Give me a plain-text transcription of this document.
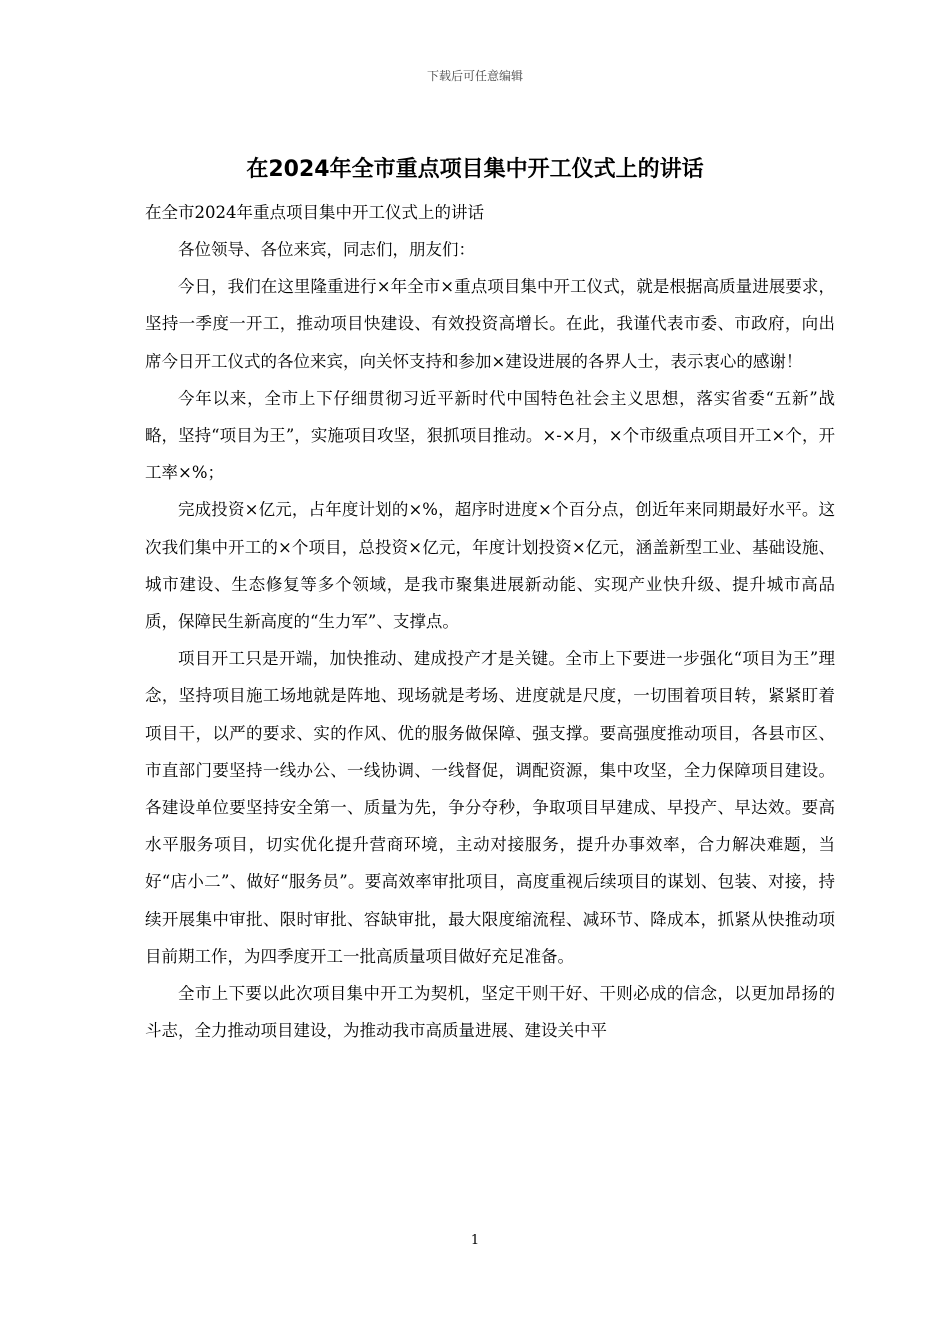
下载后可任意编辑
在2024年全市重点项目集中开工仪式上的讲话

在全市2024年重点项目集中开工仪式上的讲话

各位领导、各位来宾，同志们，朋友们：

今日，我们在这里隆重进行×年全市×重点项目集中开工仪式，就是根据高质量进展要求，坚持一季度一开工，推动项目快建设、有效投资高增长。在此，我谨代表市委、市政府，向出席今日开工仪式的各位来宾，向关怀支持和参加×建设进展的各界人士，表示衷心的感谢！

今年以来，全市上下仔细贯彻习近平新时代中国特色社会主义思想，落实省委“五新”战略，坚持“项目为王”，实施项目攻坚，狠抓项目推动。×-×月，×个市级重点项目开工×个，开工率×%；

完成投资×亿元，占年度计划的×%，超序时进度×个百分点，创近年来同期最好水平。这次我们集中开工的×个项目，总投资×亿元，年度计划投资×亿元，涵盖新型工业、基础设施、城市建设、生态修复等多个领域，是我市聚集进展新动能、实现产业快升级、提升城市高品质，保障民生新高度的“生力军”、支撑点。

项目开工只是开端，加快推动、建成投产才是关键。全市上下要进一步强化“项目为王”理念，坚持项目施工场地就是阵地、现场就是考场、进度就是尺度，一切围着项目转，紧紧盯着项目干，以严的要求、实的作风、优的服务做保障、强支撑。要高强度推动项目，各县市区、市直部门要坚持一线办公、一线协调、一线督促，调配资源，集中攻坚，全力保障项目建设。各建设单位要坚持安全第一、质量为先，争分夺秒，争取项目早建成、早投产、早达效。要高水平服务项目，切实优化提升营商环境，主动对接服务，提升办事效率，合力解决难题，当好“店小二”、做好“服务员”。要高效率审批项目，高度重视后续项目的谋划、包装、对接，持续开展集中审批、限时审批、容缺审批，最大限度缩流程、减环节、降成本，抓紧从快推动项目前期工作，为四季度开工一批高质量项目做好充足准备。

全市上下要以此次项目集中开工为契机，坚定干则干好、干则必成的信念，以更加昂扬的斗志，全力推动项目建设，为推动我市高质量进展、建设关中平

1
